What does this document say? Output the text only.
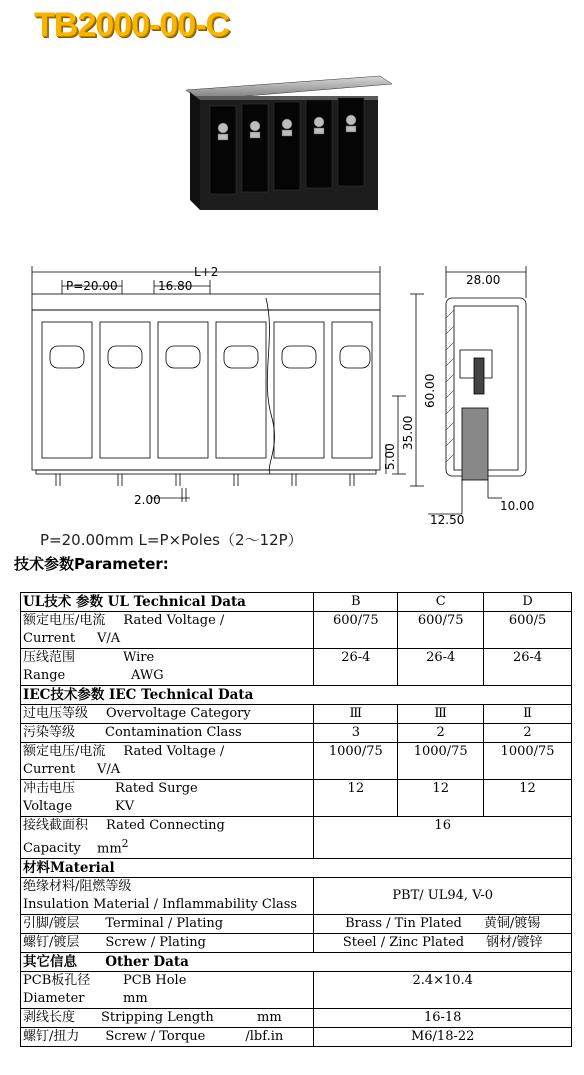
TB2000-00-C
L+2
P=20.00	16.80
2.00
28.00
10.00
12.50
60.00
35.00
5.00
P=20.00mm L=P×Poles（2～12P）
技术参数Parameter:
UL技术 参数 UL Technical Data	B	C	D
额定电压/电流 Rated Voltage /
Current V/A	600/75	600/75	600/5
压线范围 Wire
Range AWG	26-4	26-4	26-4
IEC技术参数 IEC Technical Data			
过电压等级 Overvoltage Category	Ⅲ	Ⅲ	Ⅱ
污染等级 Contamination Class	3	2	2
额定电压/电流 Rated Voltage /
Current V/A	1000/75	1000/75	1000/75
冲击电压 Rated Surge
Voltage KV	12	12	12
接线截面积 Rated Connecting
Capacity $mm^2$	16		
材料Material			

绝缘材料/阻燃等级
Insulation Material / Inflammability Class	PBT/ UL94, V-0		
引脚/镀层 Terminal / Plating	Brass / Tin Plated 黄铜/镀锡		
螺钉/镀层 Screw / Plating	Steel / Zinc Plated 钢材/镀锌		
其它信息      Other Data			
PCB板孔径 PCB Hole
Diameter mm	2.4×10.4		
剥线长度 Stripping Length mm	16-18		
螺钉/扭力 Screw / Torque /lbf.in	M6/18-22		
